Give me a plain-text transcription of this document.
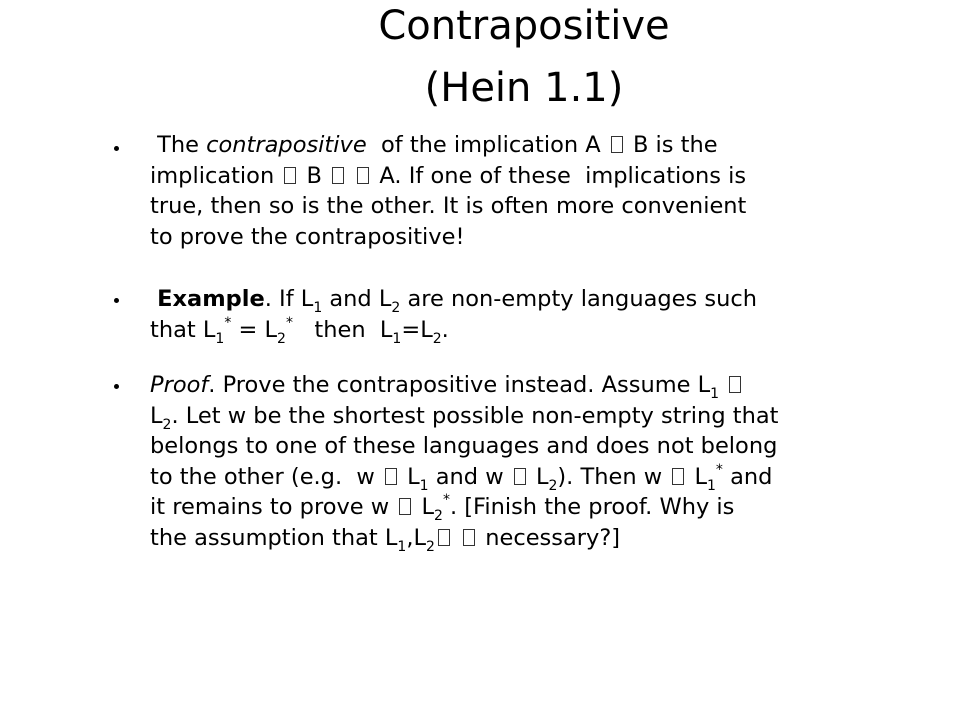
Contrapositive
(Hein 1.1)
The contrapositive  of the implication A  B is the
implication  B   A. If one of these  implications is
true, then so is the other. It is often more convenient
to prove the contrapositive!
Example. If $L_1$ and $L_2$ are non-empty languages such
that $L_1^* = L_2^*$   then  $L_1=L_2$.
Proof. Prove the contrapositive instead. Assume $L_1$
$L_2$. Let w be the shortest possible non-empty string that
belongs to one of these languages and does not belong
to the other (e.g.  w  $L_1$ and w  $L_2$). Then w  $L_1^*$ and
it remains to prove w  $L_2^*$. [Finish the proof. Why is
the assumption that $L_1,L_2$  necessary?]
